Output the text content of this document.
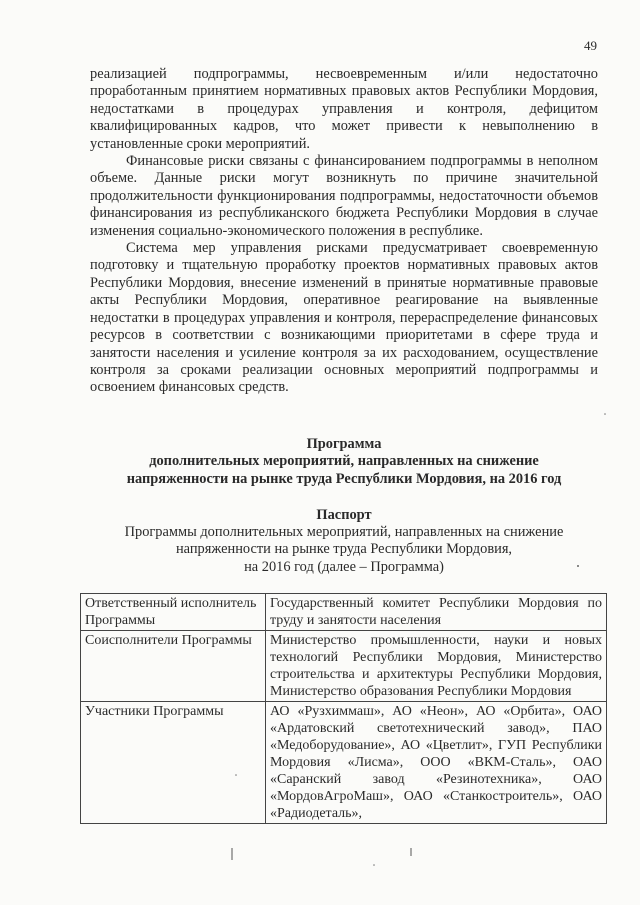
49

реализацией подпрограммы, несвоевременным и/или недостаточно проработанным принятием нормативных правовых актов Республики Мордовия, недостатками в процедурах управления и контроля, дефицитом квалифицированных кадров, что может привести к невыполнению в установленные сроки мероприятий.

Финансовые риски связаны с финансированием подпрограммы в неполном объеме. Данные риски могут возникнуть по причине значительной продолжительности функционирования подпрограммы, недостаточности объемов финансирования из республиканского бюджета Республики Мордовия в случае изменения социально-экономического положения в республике.

Система мер управления рисками предусматривает своевременную подготовку и тщательную проработку проектов нормативных правовых актов Республики Мордовия, внесение изменений в принятые нормативные правовые акты Республики Мордовия, оперативное реагирование на выявленные недостатки в процедурах управления и контроля, перераспределение финансовых ресурсов в соответствии с возникающими приоритетами в сфере труда и занятости населения и усиление контроля за их расходованием, осуществление контроля за сроками реализации основных мероприятий подпрограммы и освоением финансовых средств.

Программа
дополнительных мероприятий, направленных на снижение
напряженности на рынке труда Республики Мордовия, на 2016 год
Паспорт
Программы дополнительных мероприятий, направленных на снижение
напряженности на рынке труда Республики Мордовия,
на 2016 год (далее – Программа)
Ответственный исполнитель Программы	Государственный комитет Республики Мордовия по труду и занятости населения
Соисполнители Программы	Министерство промышленности, науки и новых технологий Республики Мордовия, Министерство строительства и архитектуры Республики Мордовия, Министерство образования Республики Мордовия
Участники Программы	АО «Рузхиммаш», АО «Неон», АО «Орбита», ОАО «Ардатовский светотехнический завод», ПАО «Медоборудование», АО «Цветлит», ГУП Республики Мордовия «Лисма», ООО «ВКМ-Сталь», ОАО «Саранский завод «Резинотехника», ОАО «МордовАгроМаш», ОАО «Станкостроитель», ОАО «Радиодеталь»,
